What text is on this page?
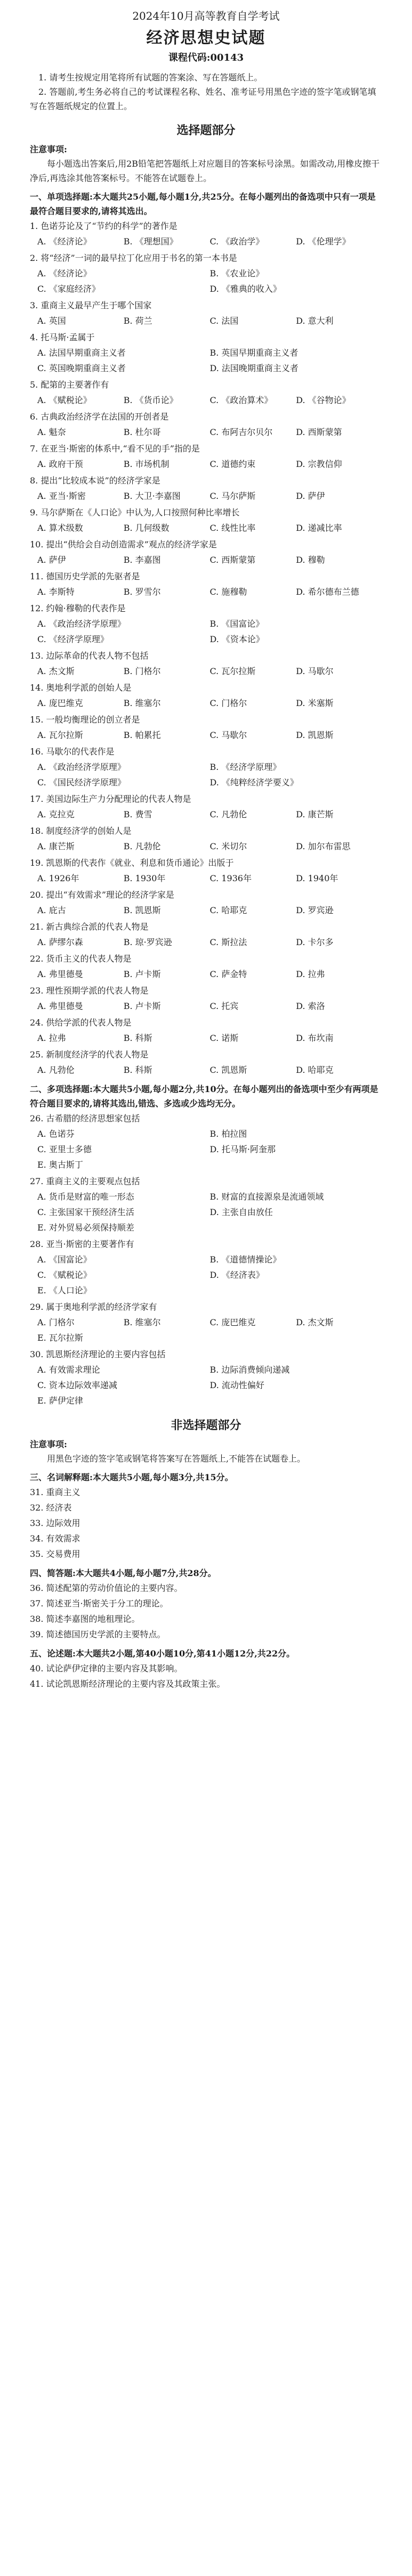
2024年10月高等教育自学考试
经济思想史试题
课程代码:00143

1. 请考生按规定用笔将所有试题的答案涂、写在答题纸上。

2. 答题前,考生务必将自己的考试课程名称、姓名、准考证号用黑色字迹的签字笔或钢笔填写在答题纸规定的位置上。

选择题部分
注意事项:

每小题选出答案后,用2B铅笔把答题纸上对应题目的答案标号涂黑。如需改动,用橡皮擦干净后,再选涂其他答案标号。不能答在试题卷上。

一、单项选择题:本大题共25小题,每小题1分,共25分。在每小题列出的备选项中只有一项是最符合题目要求的,请将其选出。
1. 色诺芬论及了“节约的科学”的著作是
A. 《经济论》	B. 《理想国》	C. 《政治学》	D. 《伦理学》
2. 将“经济”一词的最早拉丁化应用于书名的第一本书是
A. 《经济论》	B. 《农业论》
C. 《家庭经济》	D. 《雅典的收入》
3. 重商主义最早产生于哪个国家
A. 英国	B. 荷兰	C. 法国	D. 意大利
4. 托马斯·孟属于
A. 法国早期重商主义者	B. 英国早期重商主义者
C. 英国晚期重商主义者	D. 法国晚期重商主义者
5. 配第的主要著作有
A. 《赋税论》	B. 《货币论》	C. 《政治算术》	D. 《谷物论》
6. 古典政治经济学在法国的开创者是
A. 魁奈	B. 杜尔哥	C. 布阿吉尔贝尔	D. 西斯蒙第
7. 在亚当·斯密的体系中,“看不见的手”指的是
A. 政府干预	B. 市场机制	C. 道德约束	D. 宗教信仰
8. 提出“比较成本说”的经济学家是
A. 亚当·斯密	B. 大卫·李嘉图	C. 马尔萨斯	D. 萨伊
9. 马尔萨斯在《人口论》中认为,人口按照何种比率增长
A. 算术级数	B. 几何级数	C. 线性比率	D. 递减比率
10. 提出“供给会自动创造需求”观点的经济学家是
A. 萨伊	B. 李嘉图	C. 西斯蒙第	D. 穆勒
11. 德国历史学派的先驱者是
A. 李斯特	B. 罗雪尔	C. 施穆勒	D. 希尔德布兰德
12. 约翰·穆勒的代表作是
A. 《政治经济学原理》	B. 《国富论》
C. 《经济学原理》	D. 《资本论》
13. 边际革命的代表人物不包括
A. 杰文斯	B. 门格尔	C. 瓦尔拉斯	D. 马歇尔
14. 奥地利学派的创始人是
A. 庞巴维克	B. 维塞尔	C. 门格尔	D. 米塞斯
15. 一般均衡理论的创立者是
A. 瓦尔拉斯	B. 帕累托	C. 马歇尔	D. 凯恩斯
16. 马歇尔的代表作是
A. 《政治经济学原理》	B. 《经济学原理》
C. 《国民经济学原理》	D. 《纯粹经济学要义》
17. 美国边际生产力分配理论的代表人物是
A. 克拉克	B. 费雪	C. 凡勃伦	D. 康芒斯
18. 制度经济学的创始人是
A. 康芒斯	B. 凡勃伦	C. 米切尔	D. 加尔布雷思
19. 凯恩斯的代表作《就业、利息和货币通论》出版于
A. 1926年	B. 1930年	C. 1936年	D. 1940年
20. 提出“有效需求”理论的经济学家是
A. 庇古	B. 凯恩斯	C. 哈耶克	D. 罗宾逊
21. 新古典综合派的代表人物是
A. 萨缪尔森	B. 琼·罗宾逊	C. 斯拉法	D. 卡尔多
22. 货币主义的代表人物是
A. 弗里德曼	B. 卢卡斯	C. 萨金特	D. 拉弗
23. 理性预期学派的代表人物是
A. 弗里德曼	B. 卢卡斯	C. 托宾	D. 索洛
24. 供给学派的代表人物是
A. 拉弗	B. 科斯	C. 诺斯	D. 布坎南
25. 新制度经济学的代表人物是
A. 凡勃伦	B. 科斯	C. 凯恩斯	D. 哈耶克
二、多项选择题:本大题共5小题,每小题2分,共10分。在每小题列出的备选项中至少有两项是符合题目要求的,请将其选出,错选、多选或少选均无分。
26. 古希腊的经济思想家包括
A. 色诺芬	B. 柏拉图
C. 亚里士多德	D. 托马斯·阿奎那
E. 奥古斯丁
27. 重商主义的主要观点包括
A. 货币是财富的唯一形态	B. 财富的直接源泉是流通领域
C. 主张国家干预经济生活	D. 主张自由放任
E. 对外贸易必须保持顺差
28. 亚当·斯密的主要著作有
A. 《国富论》	B. 《道德情操论》
C. 《赋税论》	D. 《经济表》
E. 《人口论》
29. 属于奥地利学派的经济学家有
A. 门格尔	B. 维塞尔	C. 庞巴维克	D. 杰文斯
E. 瓦尔拉斯
30. 凯恩斯经济理论的主要内容包括
A. 有效需求理论	B. 边际消费倾向递减
C. 资本边际效率递减	D. 流动性偏好
E. 萨伊定律
非选择题部分
注意事项:

用黑色字迹的签字笔或钢笔将答案写在答题纸上,不能答在试题卷上。

三、名词解释题:本大题共5小题,每小题3分,共15分。
31. 重商主义
32. 经济表
33. 边际效用
34. 有效需求
35. 交易费用
四、简答题:本大题共4小题,每小题7分,共28分。
36. 简述配第的劳动价值论的主要内容。
37. 简述亚当·斯密关于分工的理论。
38. 简述李嘉图的地租理论。
39. 简述德国历史学派的主要特点。
五、论述题:本大题共2小题,第40小题10分,第41小题12分,共22分。
40. 试论萨伊定律的主要内容及其影响。
41. 试论凯恩斯经济理论的主要内容及其政策主张。
